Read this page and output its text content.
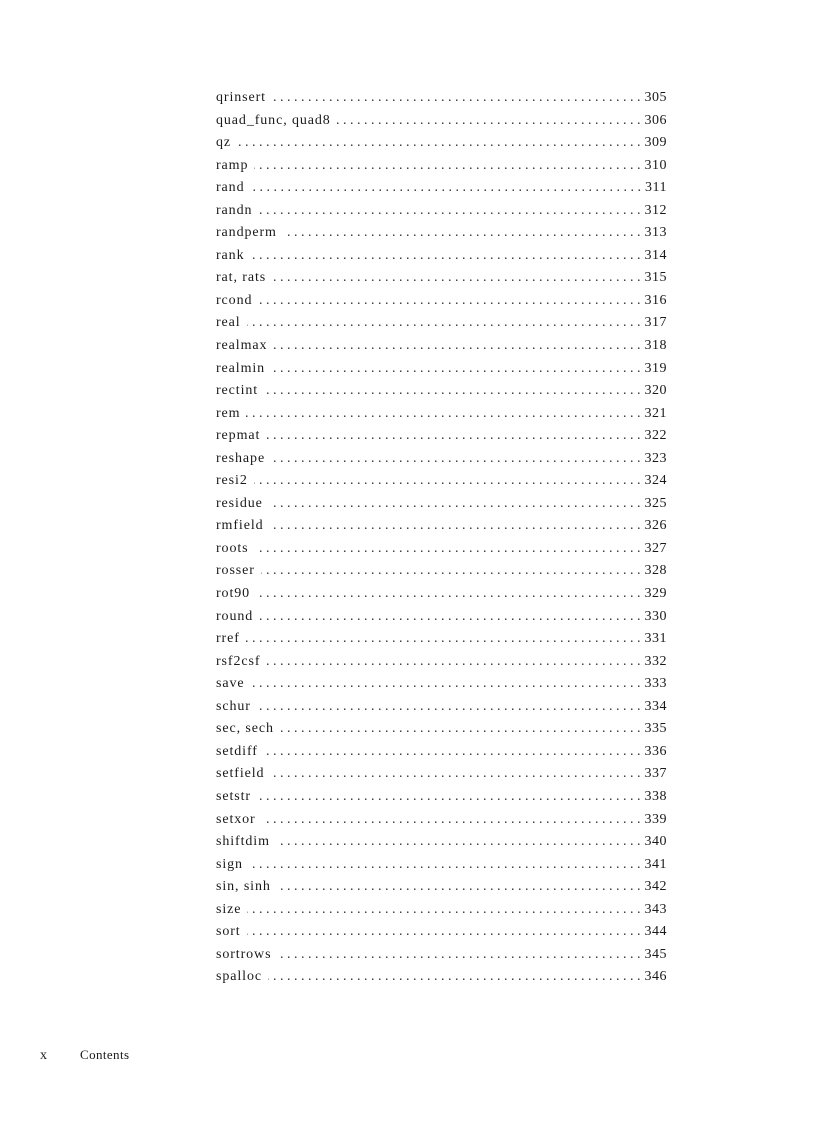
qrinsert . . .	305
quad_func, quad8 . . .	306
qz . . .	309
ramp . . .	310
rand . . .	311
randn . . .	312
randperm . . .	313
rank . . .	314
rat, rats . . .	315
rcond . . .	316
real . . .	317
realmax . . .	318
realmin . . .	319
rectint . . .	320
rem . . .	321
repmat . . .	322
reshape . . .	323
resi2 . . .	324
residue . . .	325
rmfield . . .	326
roots . . .	327
rosser . . .	328
rot90 . . .	329
round . . .	330
rref . . .	331
rsf2csf . . .	332
save . . .	333
schur . . .	334
sec, sech . . .	335
setdiff . . .	336
setfield . . .	337
setstr . . .	338
setxor . . .	339
shiftdim . . .	340
sign . . .	341
sin, sinh . . .	342
size . . .	343
sort . . .	344
sortrows . . .	345
spalloc . . .	346
x	Contents
